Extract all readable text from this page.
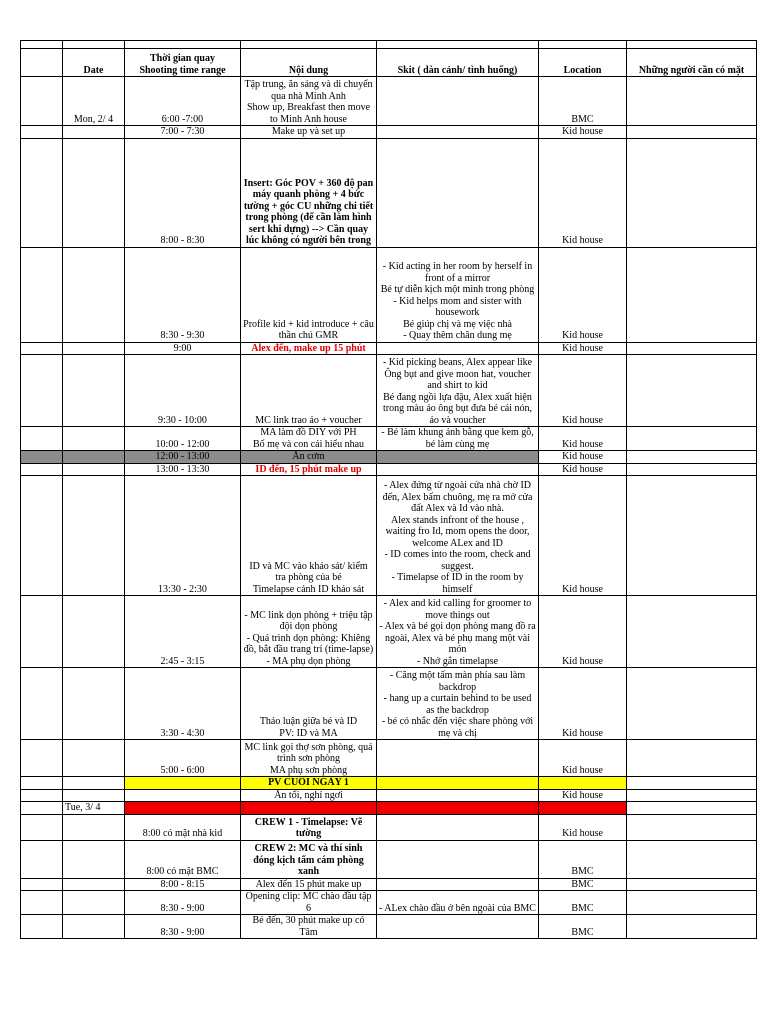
	Date	Thời gian quay
Shooting time range	Nội dung	Skit ( dàn cảnh/ tình huống)	Location	Những người cần có mặt
	Mon, 2/ 4	6:00 -7:00	Tập trung, ăn sáng và di chuyển qua nhà Minh Anh
Show up, Breakfast then move to Minh Anh house		BMC	
		7:00 - 7:30	Make up và set up		Kid house	
		8:00 - 8:30	Insert: Góc POV + 360 độ pan máy quanh phòng + 4 bức tường + góc CU những chi tiết trong phòng (để cần làm hình sert khi dựng) --> Cần quay lúc không có người bên trong		Kid house	
		8:30 - 9:30	Profile kid + kid introduce + câu thần chú GMR	- Kid acting in her room by herself in front of a mirror
Bé tự diễn kịch một mình trong phòng
- Kid helps mom and sister with housework
Bé giúp chị và mẹ việc nhà
- Quay thêm chân dung mẹ	Kid house	
		9:00	Alex đến, make up 15 phút		Kid house	
		9:30 - 10:00	MC link trao áo + voucher	- Kid picking beans, Alex appear like Ông bụt and give moon hat, voucher and shirt to kid
Bé đang ngồi lựa đậu, Alex xuất hiện trong màu áo ông bụt đưa bé cái nón, áo và voucher	Kid house	
		10:00 - 12:00	MA làm đồ DIY với PH
Bố mẹ và con cái hiểu nhau	- Bé làm khung ảnh bằng que kem gỗ, bé làm cùng mẹ	Kid house	
		12:00 - 13:00	Ăn cơm		Kid house	
		13:00 - 13:30	ID đến, 15 phút make up		Kid house	
		13:30 - 2:30	ID và MC vào khảo sát/ kiểm tra phòng của bé
Timelapse cảnh ID khảo sát	- Alex đứng từ ngoài cửa nhà chờ ID đến, Alex bấm chuông, mẹ ra mở cửa đất Alex và Id vào nhà.
Alex stands infront of the house , waiting fro Id, mom opens the door, welcome ALex and ID
- ID comes into the room, check and suggest.
- Timelapse of ID in the room by himself	Kid house	
		2:45 - 3:15	- MC link dọn phòng + triệu tập đội dọn phòng
- Quá trình dọn phòng: Khiêng đồ, bắt đầu trang trí (time-lapse)
- MA phụ dọn phòng	- Alex and kid calling for groomer to move things out
- Alex và bé gọi dọn phòng mang đồ ra ngoài, Alex và bé phụ mang một vài món
- Nhớ gắn timelapse	Kid house	
		3:30 - 4:30	Thảo luận giữa bé và ID
PV: ID và MA	- Căng một tấm màn phía sau làm backdrop
- hang up a curtain behind to be used as the backdrop
- bé có nhắc đến việc share phòng với mẹ và chị	Kid house	
		5:00 - 6:00	MC link gọi thợ sơn phòng, quá trình sơn phòng
MA phụ sơn phòng		Kid house	
			PV CUỐI NGÀY 1			
			Ăn tối, nghỉ ngơi		Kid house	
	Tue, 3/ 4					
		8:00 có mặt nhà kid	CREW 1 - Timelapse: Vẽ tường		Kid house	
		8:00 có mặt BMC	CREW 2: MC và thí sinh đóng kịch tấm cám phòng xanh		BMC	
		8:00 - 8:15	Alex đến 15 phút make up		BMC	
		8:30 - 9:00	Opening clip: MC chào đầu tập 6	- ALex chào đầu ở bên ngoài của BMC	BMC	
		8:30 - 9:00	Bé đến, 30 phút make up có Tâm		BMC	
